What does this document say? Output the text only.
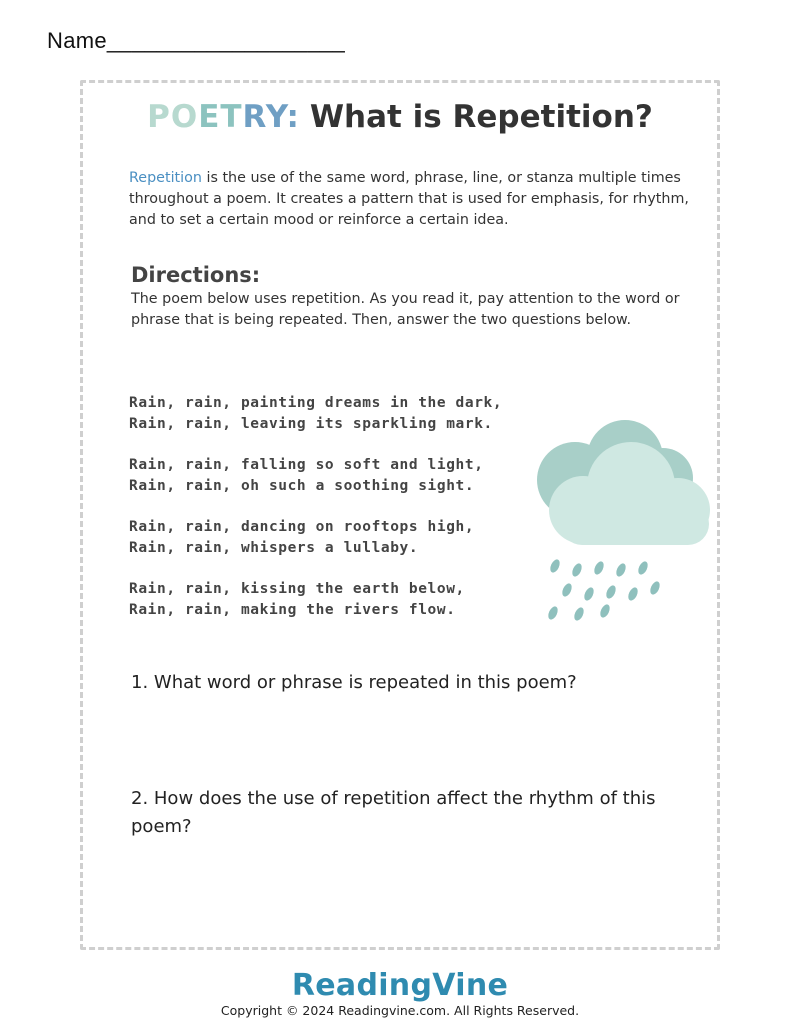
Name___________________
POETRY: What is Repetition?
Repetition is the use of the same word, phrase, line, or stanza multiple times throughout a poem. It creates a pattern that is used for emphasis, for rhythm, and to set a certain mood or reinforce a certain idea.
Directions:
The poem below uses repetition. As you read it, pay attention to the word or phrase that is being repeated. Then, answer the two questions below.
Rain, rain, painting dreams in the dark,
Rain, rain, leaving its sparkling mark.
Rain, rain, falling so soft and light,
Rain, rain, oh such a soothing sight.
Rain, rain, dancing on rooftops high,
Rain, rain, whispers a lullaby.
Rain, rain, kissing the earth below,
Rain, rain, making the rivers flow.
1. What word or phrase is repeated in this poem?
2. How does the use of repetition affect the rhythm of this poem?
ReadingVine
Copyright © 2024 Readingvine.com. All Rights Reserved.
